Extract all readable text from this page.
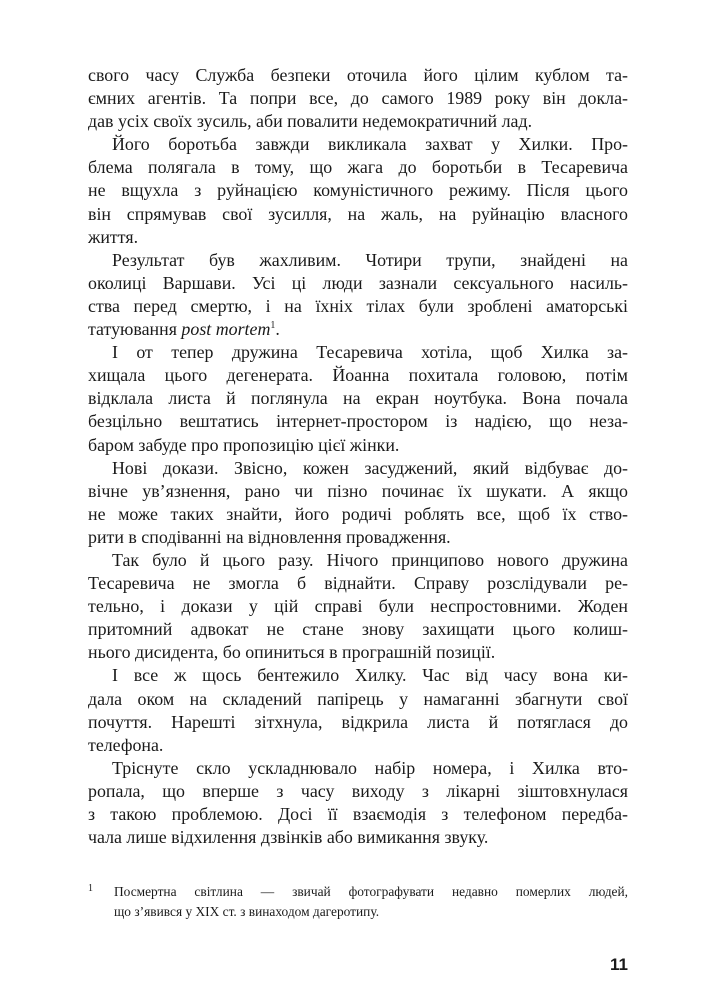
свого часу Служба безпеки оточила його цілим кублом та-
ємних агентів. Та попри все, до самого 1989 року він доклa-
дав усіх своїх зусиль, аби повалити недемократичний лад.
Його боротьба завжди викликала захват у Хилки. Про-
блема полягала в тому, що жага до боротьби в Тесаревича
не вщухла з руйнацією комуністичного режиму. Після цього
він спрямував свої зусилля, на жаль, на руйнацію власного
життя.
Результат був жахливим. Чотири трупи, знайдені на
околиці Варшави. Усі ці люди зазнали сексуального насиль-
ства перед смертю, і на їхніх тілах були зроблені аматорські
татуювання post mortem$^1$.
І от тепер дружина Тесаревича хотіла, щоб Хилка за-
хищала цього дегенерата. Йоанна похитала головою, потім
відклала листа й поглянула на екран ноутбука. Вона почала
безцільно вештатись інтернет-простором із надією, що неза-
баром забуде про пропозицію цієї жінки.
Нові докази. Звісно, кожен засуджений, який відбуває до-
вічне ув’язнення, рано чи пізно починає їх шукати. А якщо
не може таких знайти, його родичі роблять все, щоб їх ство-
рити в сподіванні на відновлення провадження.
Так було й цього разу. Нічого принципово нового дружина
Тесаревича не змогла б віднайти. Справу розслідували ре-
тельно, і докази у цій справі були неспростовними. Жоден
притомний адвокат не стане знову захищати цього колиш-
нього дисидента, бо опиниться в програшній позиції.
І все ж щось бентежило Хилку. Час від часу вона ки-
дала оком на складений папірець у намаганні збагнути свої
почуття. Нарешті зітхнула, відкрила листа й потяглася до
телефона.
Тріснуте скло ускладнювало набір номера, і Хилка вто-
ропала, що вперше з часу виходу з лікарні зіштовхнулася
з такою проблемою. Досі її взаємодія з телефоном передба-
чала лише відхилення дзвінків або вимикання звуку.
1 Посмертна світлина — звичай фотографувати недавно померлих людей,
що з’явився у XIX ст. з винаходом дагеротипу.
11
